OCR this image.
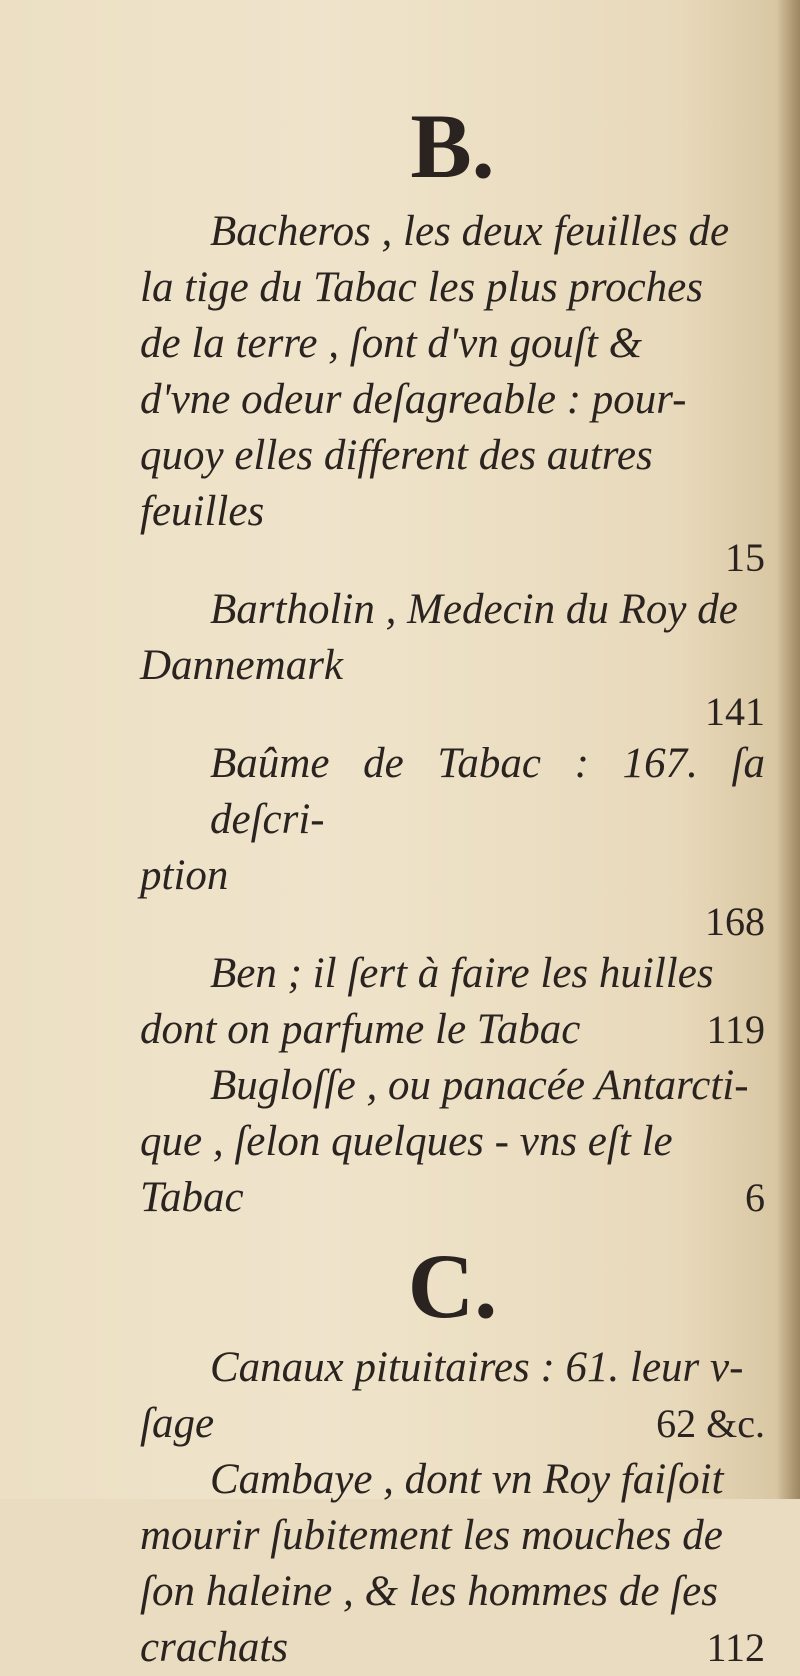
B.
Bacheros , les deux feuilles de
la tige du Tabac les plus proches
de la terre , ſont d'vn gouſt &
d'vne odeur deſagreable : pour-
quoy elles different des autres
feuilles
15
Bartholin , Medecin du Roy de
Dannemark
141
Baûme de Tabac : 167. ſa deſcri-
ption
168
Ben ; il ſert à faire les huilles
dont on parfume le Tabac	119
Bugloſſe , ou panacée Antarcti-
que , ſelon quelques - vns eſt le
Tabac	6
C.
Canaux pituitaires : 61. leur v-
ſage	62 &c.
Cambaye , dont vn Roy faiſoit
mourir ſubitement les mouches de
ſon haleine , & les hommes de ſes
crachats	112
